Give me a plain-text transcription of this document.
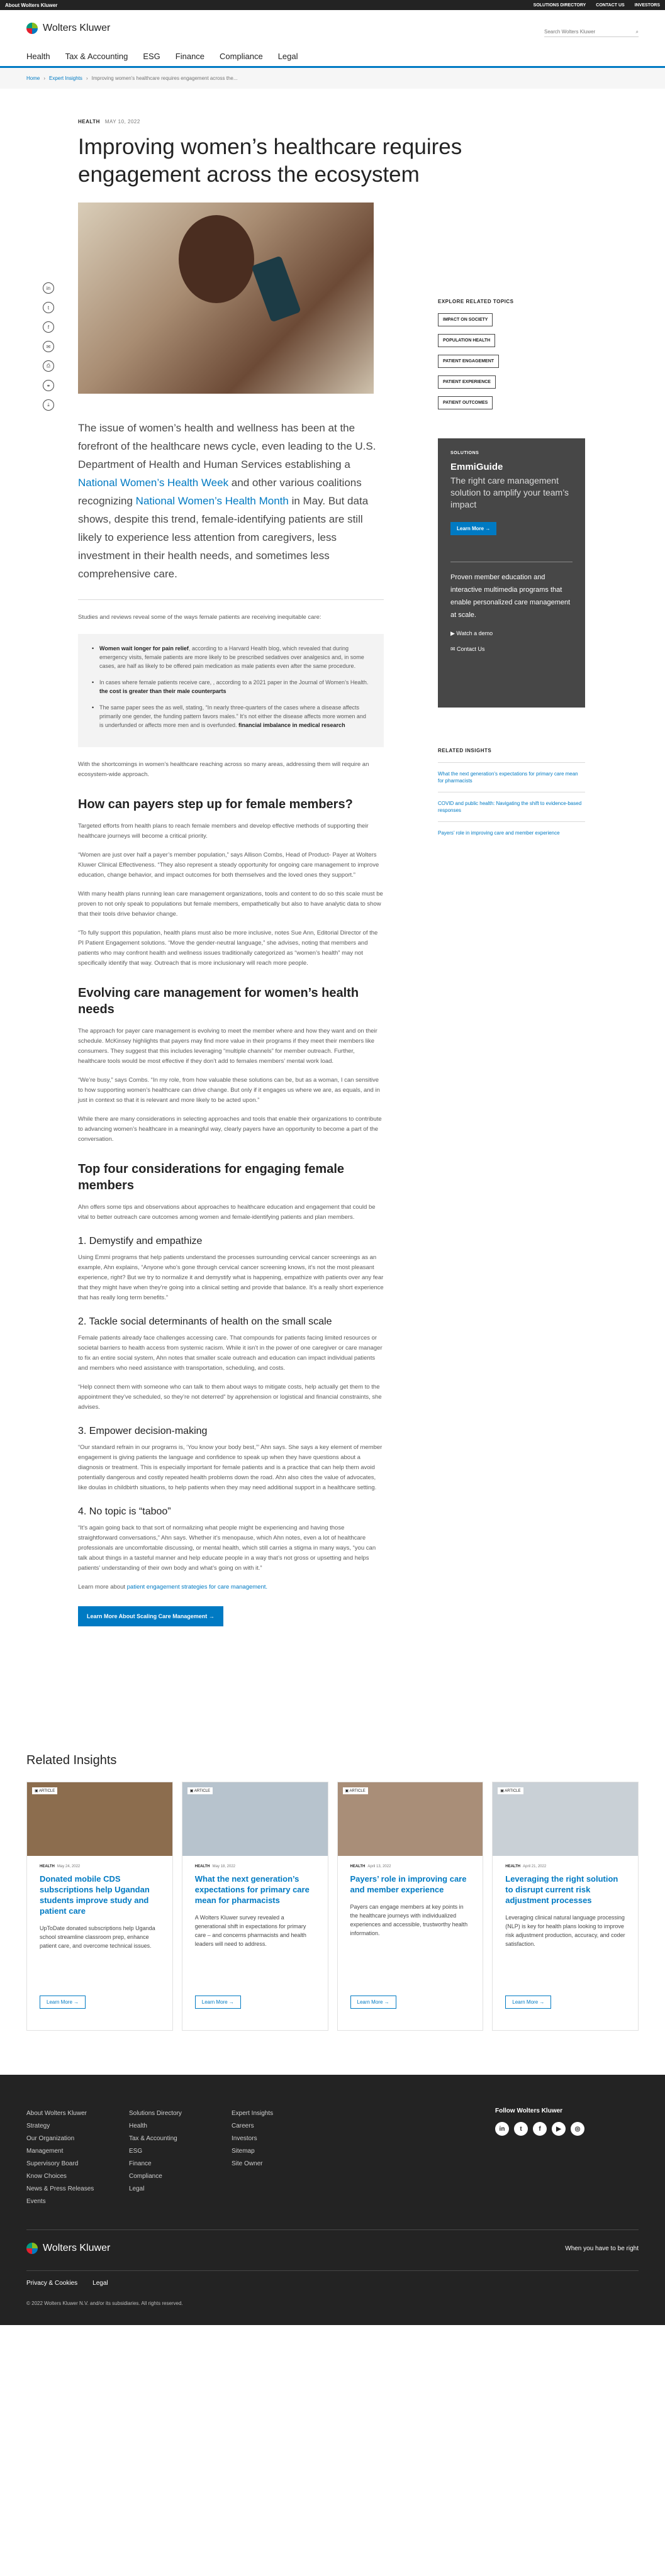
About Wolters Kluwer	SOLUTIONS DIRECTORY CONTACT US INVESTORS
Wolters Kluwer	Search Wolters Kluwer	⌕
Health Tax & Accounting ESG Finance Compliance Legal
Home › Expert Insights › Improving women's healthcare requires engagement across the...
HEALTH MAY 10, 2022
Improving women’s healthcare requires engagement across the ecosystem
in
t
f
✉
⎙
⚭
⤓

The issue of women’s health and wellness has been at the forefront of the healthcare news cycle, even leading to the U.S. Department of Health and Human Services establishing a National Women’s Health Week and other various coalitions recognizing National Women’s Health Month in May. But data shows, despite this trend, female-identifying patients are still likely to experience less attention from caregivers, less investment in their health needs, and sometimes less comprehensive care.

Studies and reviews reveal some of the ways female patients are receiving inequitable care:

• Women wait longer for pain relief, according to a Harvard Health blog, which revealed that during emergency visits, female patients are more likely to be prescribed sedatives over analgesics and, in some cases, are half as likely to be offered pain medication as male patients even after the same procedure.
• In cases where female patients receive care, , according to a 2021 paper in the Journal of Women’s Health. the cost is greater than their male counterparts
• The same paper sees the as well, stating, “In nearly three-quarters of the cases where a disease affects primarily one gender, the funding pattern favors males.” It’s not either the disease affects more women and is underfunded or affects more men and is overfunded. financial imbalance in medical research

With the shortcomings in women’s healthcare reaching across so many areas, addressing them will require an ecosystem-wide approach.

How can payers step up for female members?

Targeted efforts from health plans to reach female members and develop effective methods of supporting their healthcare journeys will become a critical priority.

“Women are just over half a payer’s member population,” says Allison Combs, Head of Product- Payer at Wolters Kluwer Clinical Effectiveness. “They also represent a steady opportunity for ongoing care management to improve education, change behavior, and impact outcomes for both themselves and the loved ones they support.”

With many health plans running lean care management organizations, tools and content to do so this scale must be proven to not only speak to populations but female members, empathetically but also to have analytic data to show that their tools drive behavior change.

“To fully support this population, health plans must also be more inclusive, notes Sue Ann, Editorial Director of the PI Patient Engagement solutions. “Move the gender-neutral language,” she advises, noting that members and patients who may confront health and wellness issues traditionally categorized as “women’s health” may not specifically identify that way. Outreach that is more inclusionary will reach more people.

Evolving care management for women’s health needs

The approach for payer care management is evolving to meet the member where and how they want and on their schedule. McKinsey highlights that payers may find more value in their programs if they meet their members like consumers. They suggest that this includes leveraging “multiple channels” for member outreach. Further, healthcare tools would be most effective if they don’t add to females members’ mental work load.

“We’re busy,” says Combs. “In my role, from how valuable these solutions can be, but as a woman, I can sensitive to how supporting women’s healthcare can drive change. But only if it engages us where we are, as equals, and in just in context so that it is relevant and more likely to be acted upon.”

While there are many considerations in selecting approaches and tools that enable their organizations to contribute to advancing women’s healthcare in a meaningful way, clearly payers have an opportunity to become a part of the conversation.

Top four considerations for engaging female members

Ahn offers some tips and observations about approaches to healthcare education and engagement that could be vital to better outreach care outcomes among women and female-identifying patients and plan members.

1. Demystify and empathize

Using Emmi programs that help patients understand the processes surrounding cervical cancer screenings as an example, Ahn explains, “Anyone who’s gone through cervical cancer screening knows, it’s not the most pleasant experience, right? But we try to normalize it and demystify what is happening, empathize with patients over any fear that they might have when they’re going into a clinical setting and provide that balance. It’s a really short experience that has really long term benefits.”

2. Tackle social determinants of health on the small scale

Female patients already face challenges accessing care. That compounds for patients facing limited resources or societal barriers to health access from systemic racism. While it isn’t in the power of one caregiver or care manager to fix an entire social system, Ahn notes that smaller scale outreach and education can impact individual patients and members who need assistance with transportation, scheduling, and costs.

“Help connect them with someone who can talk to them about ways to mitigate costs, help actually get them to the appointment they’ve scheduled, so they’re not deterred” by apprehension or logistical and financial constraints, she advises.

3. Empower decision-making

“Our standard refrain in our programs is, ‘You know your body best,’” Ahn says. She says a key element of member engagement is giving patients the language and confidence to speak up when they have questions about a diagnosis or treatment. This is especially important for female patients and is a practice that can help them avoid potentially dangerous and costly repeated health problems down the road. Ahn also cites the value of advocates, like doulas in childbirth situations, to help patients when they may need additional support in a healthcare setting.

4. No topic is “taboo”

“It’s again going back to that sort of normalizing what people might be experiencing and having those straightforward conversations,” Ahn says. Whether it’s menopause, which Ahn notes, even a lot of healthcare professionals are uncomfortable discussing, or mental health, which still carries a stigma in many ways, “you can talk about things in a tasteful manner and help educate people in a way that’s not gross or upsetting and helps patients’ understanding of their own body and what’s going on with it.”

Learn more about patient engagement strategies for care management.

Learn More About Scaling Care Management →
EXPLORE RELATED TOPICS
IMPACT ON SOCIETY
POPULATION HEALTH
PATIENT ENGAGEMENT
PATIENT EXPERIENCE
PATIENT OUTCOMES
SOLUTIONS
EmmiGuide
The right care management solution to amplify your team’s impact
Learn More →
Proven member education and interactive multimedia programs that enable personalized care management at scale.
▶ Watch a demo
✉ Contact Us
RELATED INSIGHTS
What the next generation’s expectations for primary care mean for pharmacists
COVID and public health: Navigating the shift to evidence-based responses
Payers’ role in improving care and member experience
Related Insights
▣ ARTICLE
HEALTH May 24, 2022
Donated mobile CDS subscriptions help Ugandan students improve study and patient care
UpToDate donated subscriptions help Uganda school streamline classroom prep, enhance patient care, and overcome technical issues.
Learn More →
▣ ARTICLE
HEALTH May 18, 2022
What the next generation’s expectations for primary care mean for pharmacists
A Wolters Kluwer survey revealed a generational shift in expectations for primary care – and concerns pharmacists and health leaders will need to address.
Learn More →
▣ ARTICLE
HEALTH April 13, 2022
Payers’ role in improving care and member experience
Payers can engage members at key points in the healthcare journeys with individualized experiences and accessible, trustworthy health information.
Learn More →
▣ ARTICLE
HEALTH April 21, 2022
Leveraging the right solution to disrupt current risk adjustment processes
Leveraging clinical natural language processing (NLP) is key for health plans looking to improve risk adjustment production, accuracy, and coder satisfaction.
Learn More →
About Wolters Kluwer
Strategy
Our Organization
Management
Supervisory Board
Know Choices
News & Press Releases
Events
Solutions Directory
Health
Tax & Accounting
ESG
Finance
Compliance
Legal
Expert Insights
Careers
Investors
Sitemap
Site Owner
Follow Wolters Kluwer
in	t	f	▶	◎
Wolters Kluwer	When you have to be right
Privacy & Cookies Legal
© 2022 Wolters Kluwer N.V. and/or its subsidiaries. All rights reserved.
